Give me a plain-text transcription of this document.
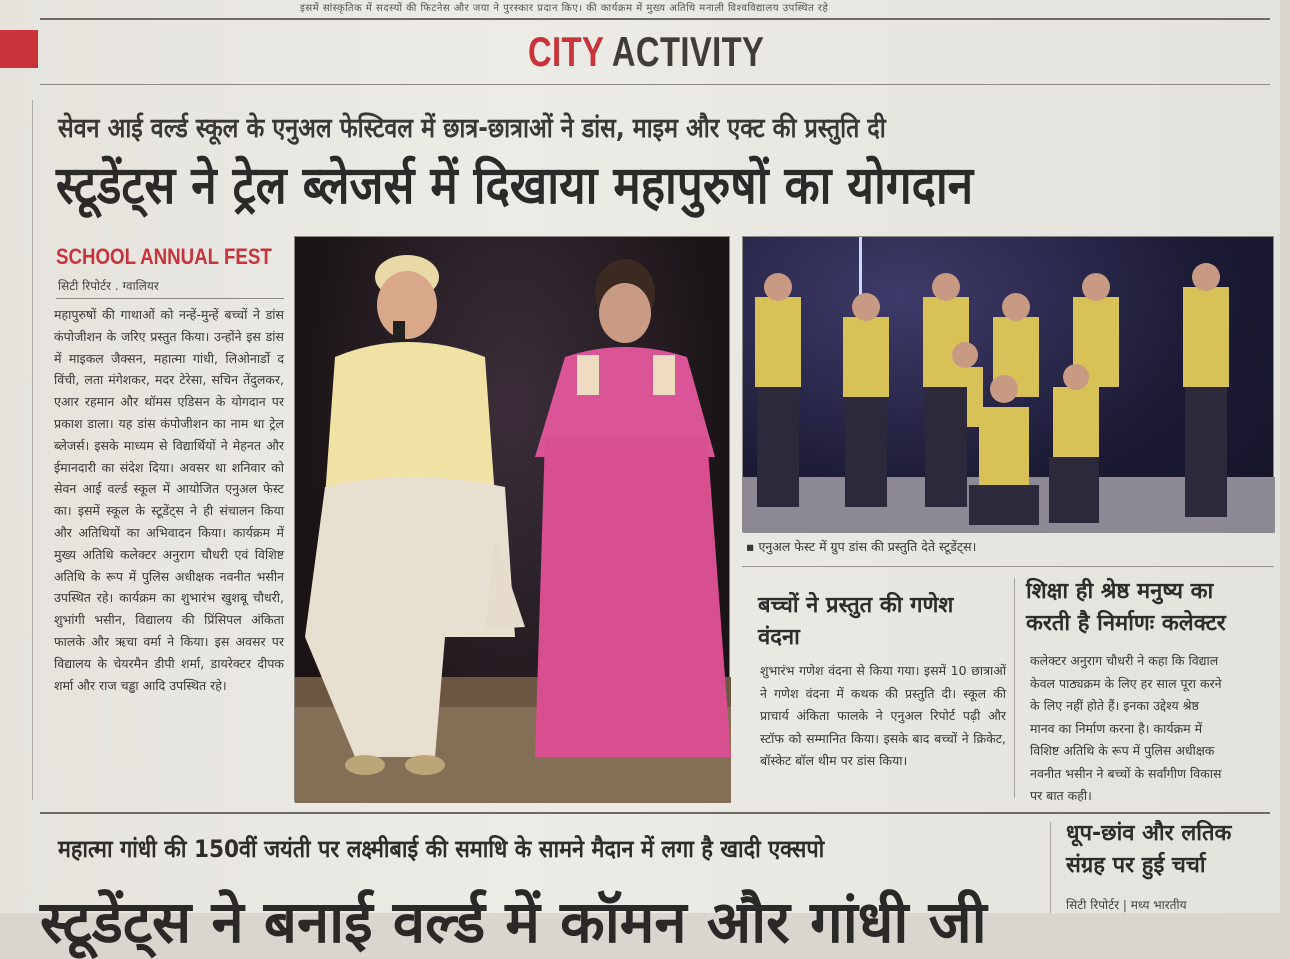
इसमें सांस्कृतिक में सदस्यों की फिटनेस और जया ने पुरस्कार प्रदान किए। की कार्यक्रम में मुख्य अतिथि मनाली विश्वविद्यालय उपस्थित रहे
CITY ACTIVITY
सेवन आई वर्ल्ड स्कूल के एनुअल फेस्टिवल में छात्र-छात्राओं ने डांस, माइम और एक्ट की प्रस्तुति दी
स्टूडेंट्स ने ट्रेल ब्लेजर्स में दिखाया महापुरुषों का योगदान
SCHOOL ANNUAL FEST
सिटी रिपोर्टर . ग्वालियर
महापुरुषों की गाथाओं को नन्हें-मुन्हें बच्चों ने डांस कंपोजीशन के जरिए प्रस्तुत किया। उन्होंने इस डांस में माइकल जैक्सन, महात्मा गांधी, लिओनार्डो द विंची, लता मंगेशकर, मदर टेरेसा, सचिन तेंदुलकर, एआर रहमान और थॉमस एडिसन के योगदान पर प्रकाश डाला। यह डांस कंपोजीशन का नाम था ट्रेल ब्लेजर्स। इसके माध्यम से विद्यार्थियों ने मेहनत और ईमानदारी का संदेश दिया। अवसर था शनिवार को सेवन आई वर्ल्ड स्कूल में आयोजित एनुअल फेस्ट का। इसमें स्कूल के स्टूडेंट्स ने ही संचालन किया और अतिथियों का अभिवादन किया। कार्यक्रम में मुख्य अतिथि कलेक्टर अनुराग चौधरी एवं विशिष्ट अतिथि के रूप में पुलिस अधीक्षक नवनीत भसीन उपस्थित रहे। कार्यक्रम का शुभारंभ खुशबू चौधरी, शुभांगी भसीन, विद्यालय की प्रिंसिपल अंकिता फालके और ऋचा वर्मा ने किया। इस अवसर पर विद्यालय के चेयरमैन डीपी शर्मा, डायरेक्टर दीपक शर्मा और राज चड्ढा आदि उपस्थित रहे।
▪ एनुअल फेस्ट में ग्रुप डांस की प्रस्तुति देते स्टूडेंट्स।
बच्चों ने प्रस्तुत की गणेश वंदना
शुभारंभ गणेश वंदना से किया गया। इसमें 10 छात्राओं ने गणेश वंदना में कथक की प्रस्तुति दी। स्कूल की प्राचार्य अंकिता फालके ने एनुअल रिपोर्ट पढ़ी और स्टॉफ को सम्मानित किया। इसके बाद बच्चों ने क्रिकेट, बॉस्केट बॉल थीम पर डांस किया।
शिक्षा ही श्रेष्ठ मनुष्य का
करती है निर्माणः कलेक्टर
कलेक्टर अनुराग चौधरी ने कहा कि विद्याल
केवल पाठ्यक्रम के लिए हर साल पूरा करने
के लिए नहीं होते हैं। इनका उद्देश्य श्रेष्ठ
मानव का निर्माण करना है। कार्यक्रम में
विशिष्ट अतिथि के रूप में पुलिस अधीक्षक
नवनीत भसीन ने बच्चों के सर्वांगीण विकास
पर बात कही।
महात्मा गांधी की 150वीं जयंती पर लक्ष्मीबाई की समाधि के सामने मैदान में लगा है खादी एक्सपो
धूप-छांव और लतिक
संग्रह पर हुई चर्चा
सिटी रिपोर्टर | मध्य भारतीय
स्टूडेंट्स ने बनाई वर्ल्ड में कॉमन और गांधी जी
